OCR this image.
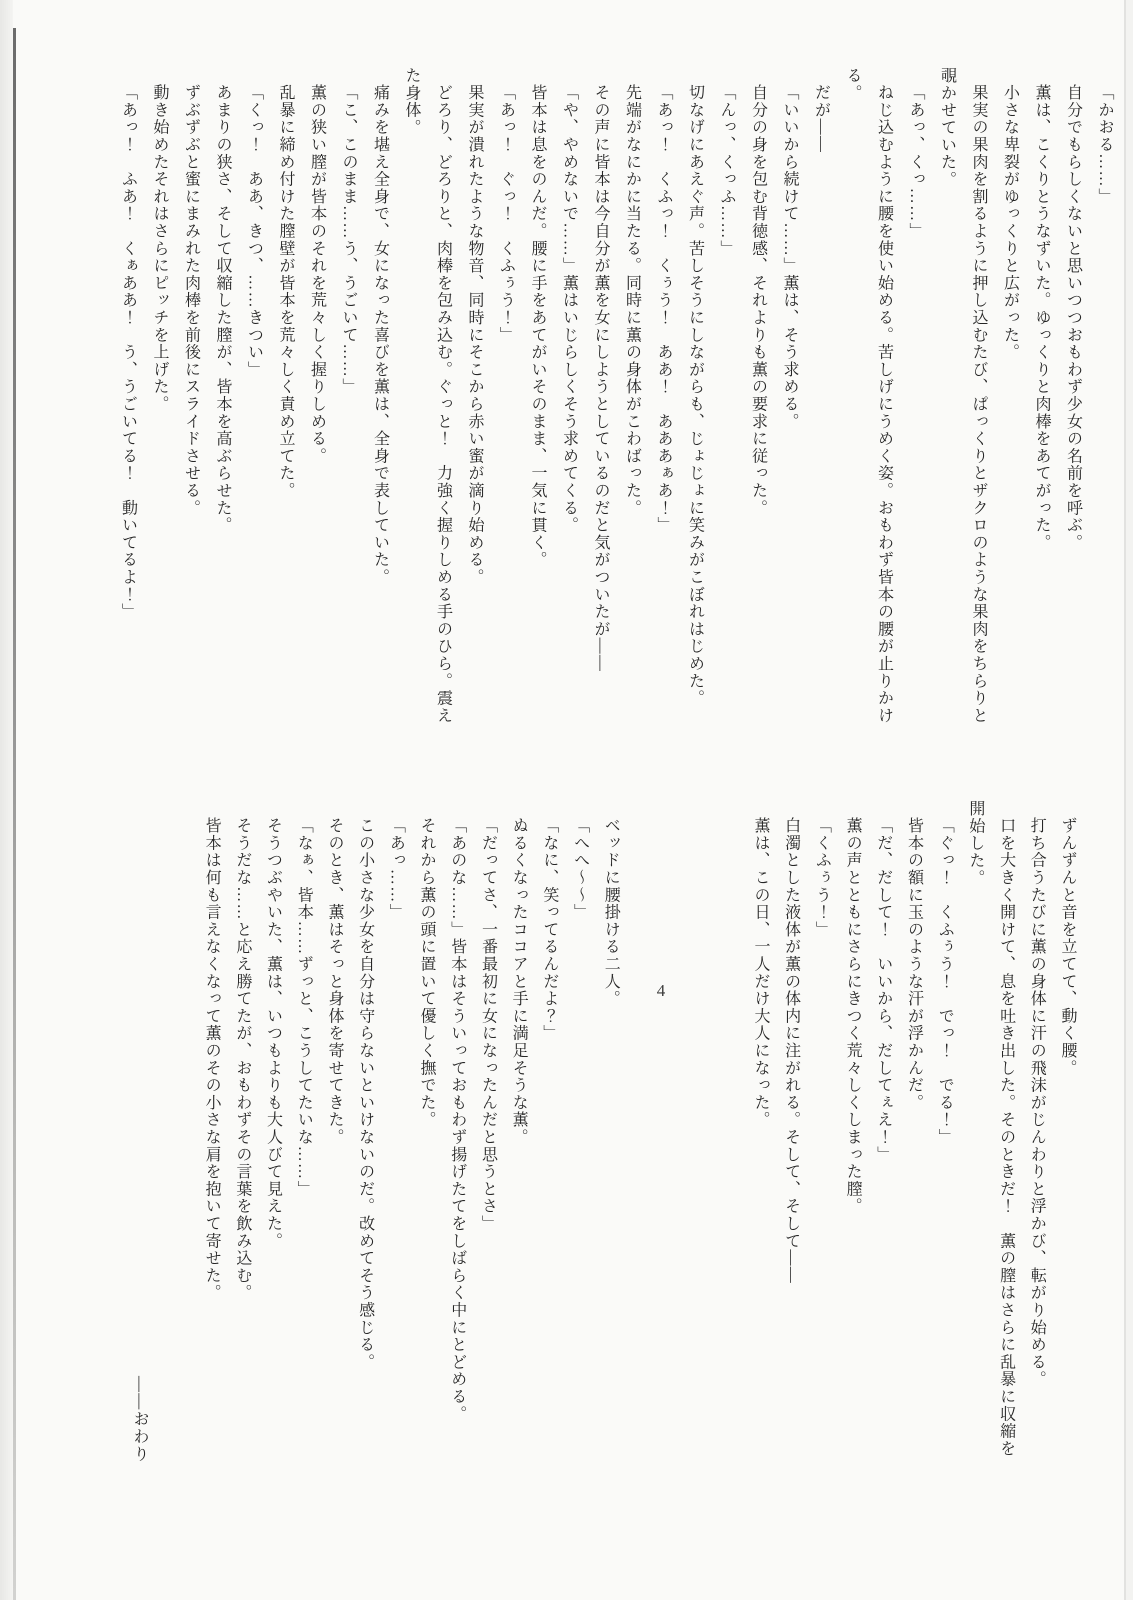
「かおる……」

自分でもらしくないと思いつつおもわず少女の名前を呼ぶ。

薫は、こくりとうなずいた。ゆっくりと肉棒をあてがった。

小さな卑裂がゆっくりと広がった。

果実の果肉を割るように押し込むたび、ぱっくりとザクロのような果肉をちらりと覗かせていた。

「あっ、くっ……」

ねじ込むように腰を使い始める。苦しげにうめく姿。おもわず皆本の腰が止りかける。

だが――

「いいから続けて……」薫は、そう求める。

自分の身を包む背徳感、それよりも薫の要求に従った。

「んっ、くっふ……」

切なげにあえぐ声。苦しそうにしながらも、じょじょに笑みがこぼれはじめた。

「あっ！　くふっ！　くぅう！　ああ！　あああぁあ！」

先端がなにかに当たる。同時に薫の身体がこわばった。

その声に皆本は今自分が薫を女にしようとしているのだと気がついたが――

「や、やめないで……」薫はいじらしくそう求めてくる。

皆本は息をのんだ。腰に手をあてがいそのまま、一気に貫く。

「あっ！　ぐっ！　くふぅう！」

果実が潰れたような物音、同時にそこから赤い蜜が滴り始める。

どろり、どろりと、肉棒を包み込む。ぐっと！　力強く握りしめる手のひら。震えた身体。

痛みを堪え全身で、女になった喜びを薫は、全身で表していた。

「こ、このまま……う、うごいて……」

薫の狭い膣が皆本のそれを荒々しく握りしめる。

乱暴に締め付けた膣壁が皆本を荒々しく責め立てた。

「くっ！　ああ、きつ、……きつい」

あまりの狭さ、そして収縮した膣が、皆本を高ぶらせた。

ずぶずぶと蜜にまみれた肉棒を前後にスライドさせる。

動き始めたそれはさらにピッチを上げた。

「あっ！　ふあ！　くぁああ！　う、うごいてる！　動いてるよ！」

ずんずんと音を立てて、動く腰。

打ち合うたびに薫の身体に汗の飛沫がじんわりと浮かび、転がり始める。

口を大きく開けて、息を吐き出した。そのときだ！　薫の膣はさらに乱暴に収縮を開始した。

「ぐっ！　くふぅう！　でっ！　でる！」

皆本の額に玉のような汗が浮かんだ。

「だ、だして！　いいから、だしてぇえ！」

薫の声とともにさらにきつく荒々しくしまった膣。

「くふぅう！」

白濁とした液体が薫の体内に注がれる。そして、そして――

薫は、この日、一人だけ大人になった。

ベッドに腰掛ける二人。

「へへ〜〜」

「なに、笑ってるんだよ？」

ぬるくなったココアと手に満足そうな薫。

「だってさ、一番最初に女になったんだと思うとさ」

「あのな……」皆本はそういっておもわず揚げたてをしばらく中にとどめる。

それから薫の頭に置いて優しく撫でた。

「あっ……」

この小さな少女を自分は守らないといけないのだ。改めてそう感じる。

そのとき、薫はそっと身体を寄せてきた。

「なぁ、皆本……ずっと、こうしてたいな……」

そうつぶやいた、薫は、いつもよりも大人びて見えた。

そうだな……と応え勝てたが、おもわずその言葉を飲み込む。

皆本は何も言えなくなって薫のその小さな肩を抱いて寄せた。	4
――おわり
